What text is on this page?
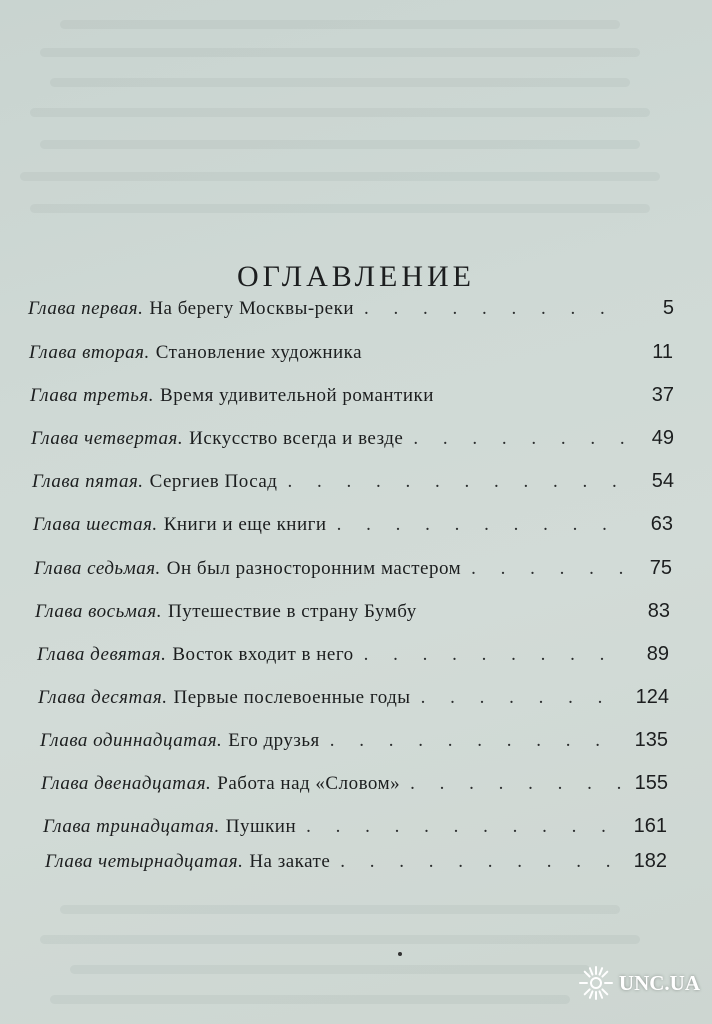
ОГЛАВЛЕНИЕ
Глава первая. На берегу Москвы-реки . . .	5
Глава вторая. Становление художника	11
Глава третья. Время удивительной романтики	37
Глава четвертая. Искусство всегда и везде . . .	49
Глава пятая. Сергиев Посад . . .	54
Глава шестая. Книги и еще книги . . .	63
Глава седьмая. Он был разносторонним мастером . . .	75
Глава восьмая. Путешествие в страну Бумбу	83
Глава девятая. Восток входит в него . . .	89
Глава десятая. Первые послевоенные годы . . .	124
Глава одиннадцатая. Его друзья . . .	135
Глава двенадцатая. Работа над «Словом» . . .	155
Глава тринадцатая. Пушкин . . .	161
Глава четырнадцатая. На закате . . .	182
UNC.UA
